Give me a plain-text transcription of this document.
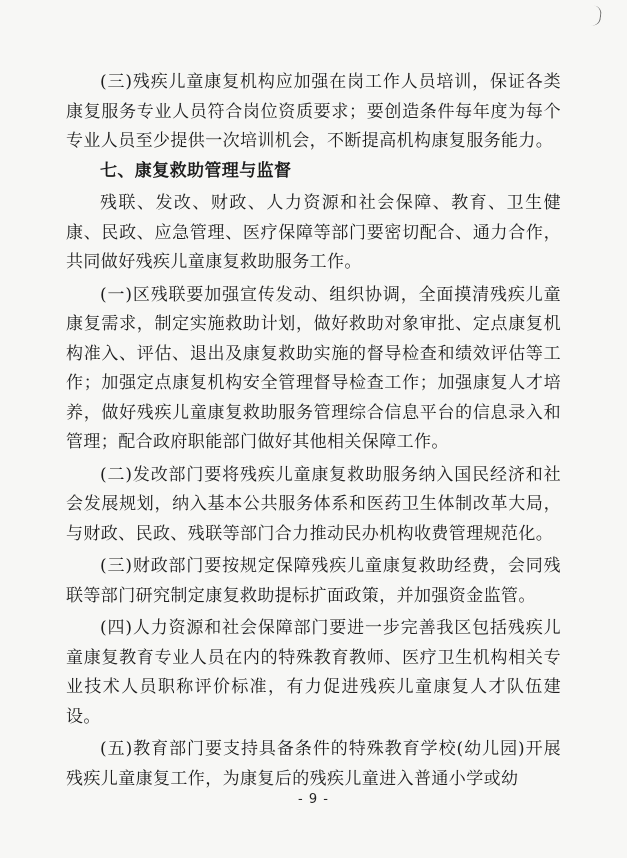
(三)残疾儿童康复机构应加强在岗工作人员培训，保证各类康复服务专业人员符合岗位资质要求；要创造条件每年度为每个专业人员至少提供一次培训机会，不断提高机构康复服务能力。

七、康复救助管理与监督

残联、发改、财政、人力资源和社会保障、教育、卫生健康、民政、应急管理、医疗保障等部门要密切配合、通力合作，共同做好残疾儿童康复救助服务工作。

(一)区残联要加强宣传发动、组织协调，全面摸清残疾儿童康复需求，制定实施救助计划，做好救助对象审批、定点康复机构准入、评估、退出及康复救助实施的督导检查和绩效评估等工作；加强定点康复机构安全管理督导检查工作；加强康复人才培养，做好残疾儿童康复救助服务管理综合信息平台的信息录入和管理；配合政府职能部门做好其他相关保障工作。

(二)发改部门要将残疾儿童康复救助服务纳入国民经济和社会发展规划，纳入基本公共服务体系和医药卫生体制改革大局，与财政、民政、残联等部门合力推动民办机构收费管理规范化。

(三)财政部门要按规定保障残疾儿童康复救助经费，会同残联等部门研究制定康复救助提标扩面政策，并加强资金监管。

(四)人力资源和社会保障部门要进一步完善我区包括残疾儿童康复教育专业人员在内的特殊教育教师、医疗卫生机构相关专业技术人员职称评价标准，有力促进残疾儿童康复人才队伍建设。

(五)教育部门要支持具备条件的特殊教育学校(幼儿园)开展残疾儿童康复工作，为康复后的残疾儿童进入普通小学或幼

- 9 -
